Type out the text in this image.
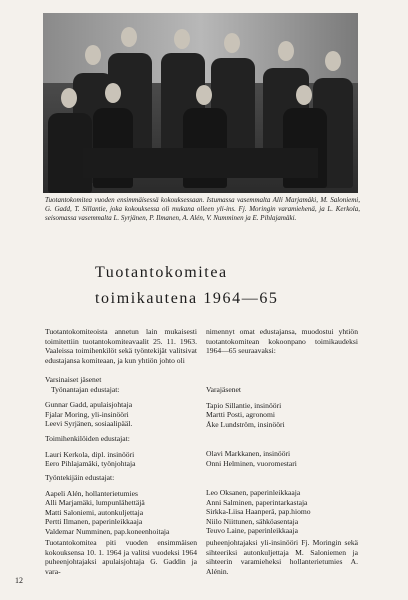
Tuotantokomitea vuoden ensimmäisessä kokouksessaan. Istumassa vasemmalta Alli Marjamäki, M. Saloniemi, G. Gadd, T. Sillantie, joka kokouksessa oli mukana olleen yli-ins. Fj. Moringin varamiehenä, ja L. Kerkola, seisomassa vasemmalta L. Syrjänen, P. Ilmanen, A. Alén, V. Numminen ja E. Pihlajamäki.
Tuotantokomitea
toimikautena 1964—65

Tuotantokomiteoista annetun lain mukaisesti toimitettiin tuotantokomiteavaalit 25. 11. 1963. Vaaleissa toimihenkilöt sekä työntekijät valitsivat edustajansa komiteaan, ja kun yhtiön johto oli

nimennyt omat edustajansa, muodostui yhtiön tuotantokomitean kokoonpano toimikaudeksi 1964—65 seuraavaksi:

Varsinaiset jäsenet
Työnantajan edustajat:
Gunnar Gadd, apulaisjohtaja
Fjalar Moring, yli-insinööri
Leevi Syrjänen, sosiaalipääl.
Varajäsenet
Tapio Sillantie, insinööri
Martti Posti, agronomi
Åke Lundström, insinööri
Toimihenkilöiden edustajat:
Lauri Kerkola, dipl. insinööri
Eero Pihlajamäki, työnjohtaja
Olavi Markkanen, insinööri
Onni Helminen, vuoromestari
Työntekijäin edustajat:
Aapeli Alén, hollanterietumies
Alli Marjamäki, lumpunlähettäjä
Matti Saloniemi, autonkuljettaja
Pertti Ilmanen, paperinleikkaaja
Valdemar Numminen, pap.koneenhoitaja
Leo Oksanen, paperinleikkaaja
Anni Salminen, paperintarkastaja
Sirkka-Liisa Haanperä, pap.hiomo
Niilo Niittunen, sähköasentaja
Teuvo Laine, paperinleikkaaja

Tuotantokomitea piti vuoden ensimmäisen kokouksensa 10. 1. 1964 ja valitsi vuodeksi 1964 puheenjohtajaksi apulaisjohtaja G. Gaddin ja vara-

puheenjohtajaksi yli-insinööri Fj. Moringin sekä sihteeriksi autonkuljettaja M. Saloniemen ja sihteerin varamieheksi hollanterietumies A. Alénin.

12
